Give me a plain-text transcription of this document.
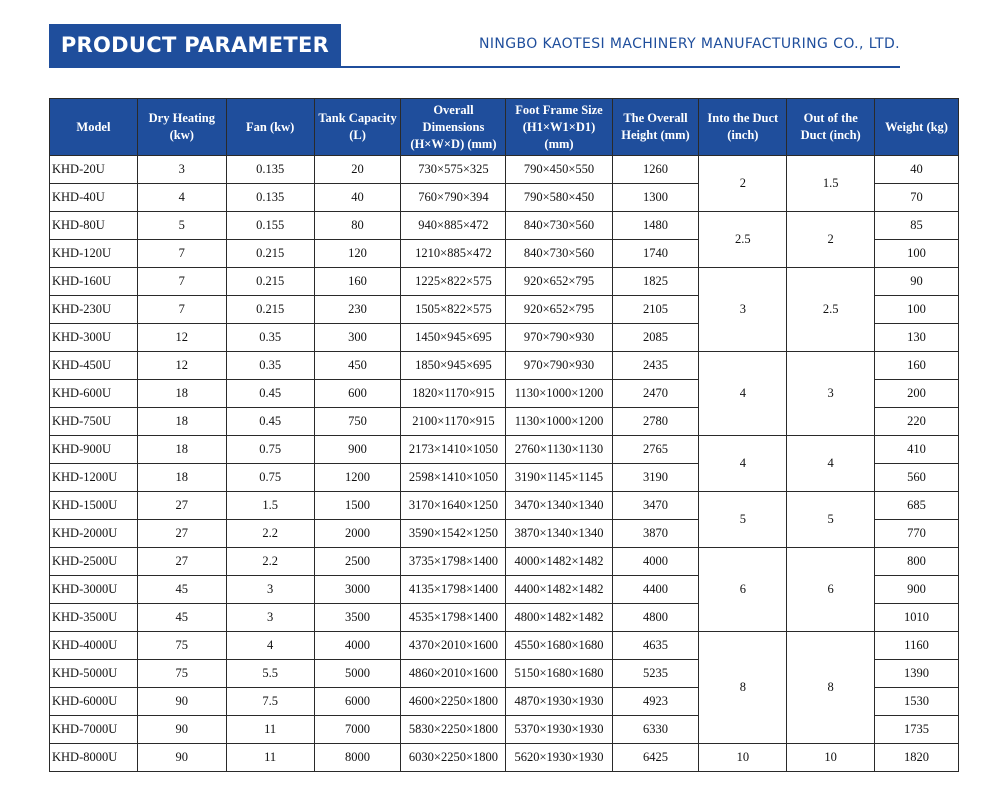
PRODUCT PARAMETER	NINGBO KAOTESI MACHINERY MANUFACTURING CO., LTD.
Model	Dry Heating (kw)	Fan (kw)	Tank Capacity (L)	Overall Dimensions (H×W×D) (mm)	Foot Frame Size (H1×W1×D1) (mm)	The Overall Height (mm)	Into the Duct (inch)	Out of the Duct (inch)	Weight (kg)
KHD-20U	3	0.135	20	730×575×325	790×450×550	1260	2	1.5	40
KHD-40U	4	0.135	40	760×790×394	790×580×450	1300			70
KHD-80U	5	0.155	80	940×885×472	840×730×560	1480	2.5	2	85
KHD-120U	7	0.215	120	1210×885×472	840×730×560	1740			100
KHD-160U	7	0.215	160	1225×822×575	920×652×795	1825	3	2.5	90
KHD-230U	7	0.215	230	1505×822×575	920×652×795	2105			100
KHD-300U	12	0.35	300	1450×945×695	970×790×930	2085			130
KHD-450U	12	0.35	450	1850×945×695	970×790×930	2435	4	3	160
KHD-600U	18	0.45	600	1820×1170×915	1130×1000×1200	2470			200
KHD-750U	18	0.45	750	2100×1170×915	1130×1000×1200	2780			220
KHD-900U	18	0.75	900	2173×1410×1050	2760×1130×1130	2765	4	4	410
KHD-1200U	18	0.75	1200	2598×1410×1050	3190×1145×1145	3190			560
KHD-1500U	27	1.5	1500	3170×1640×1250	3470×1340×1340	3470	5	5	685
KHD-2000U	27	2.2	2000	3590×1542×1250	3870×1340×1340	3870			770
KHD-2500U	27	2.2	2500	3735×1798×1400	4000×1482×1482	4000	6	6	800
KHD-3000U	45	3	3000	4135×1798×1400	4400×1482×1482	4400			900
KHD-3500U	45	3	3500	4535×1798×1400	4800×1482×1482	4800			1010
KHD-4000U	75	4	4000	4370×2010×1600	4550×1680×1680	4635	8	8	1160
KHD-5000U	75	5.5	5000	4860×2010×1600	5150×1680×1680	5235			1390
KHD-6000U	90	7.5	6000	4600×2250×1800	4870×1930×1930	4923			1530
KHD-7000U	90	11	7000	5830×2250×1800	5370×1930×1930	6330			1735
KHD-8000U	90	11	8000	6030×2250×1800	5620×1930×1930	6425	10	10	1820
